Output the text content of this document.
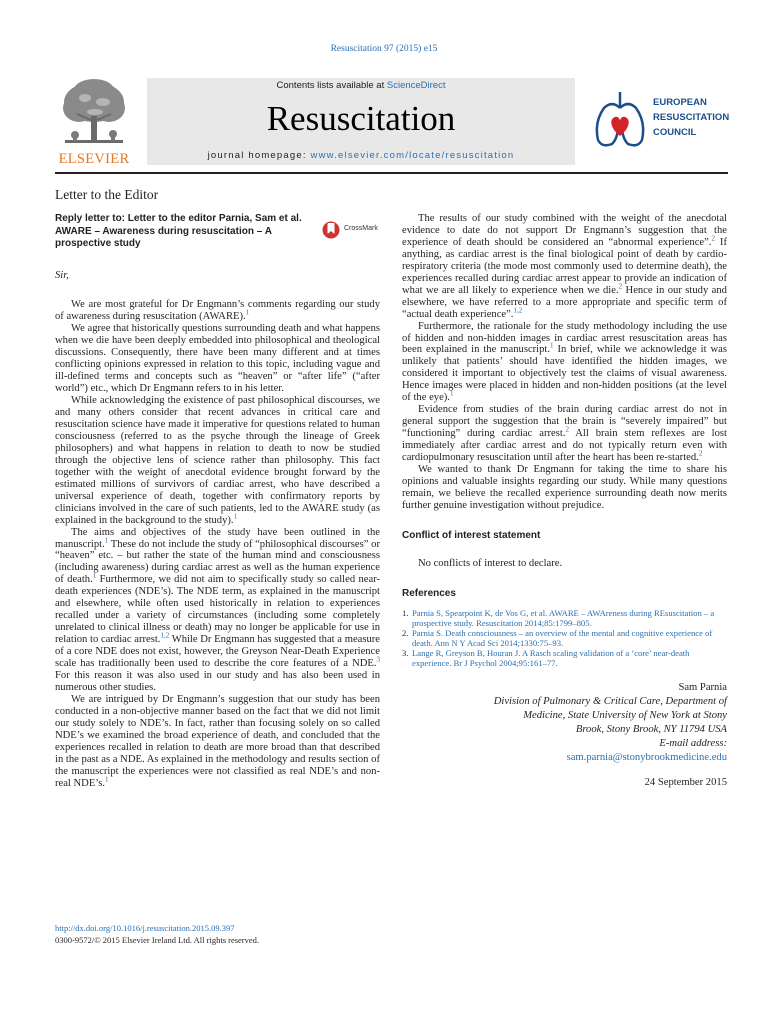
Resuscitation 97 (2015) e15
ELSEVIER
Contents lists available at ScienceDirect
Resuscitation
journal homepage: www.elsevier.com/locate/resuscitation
EUROPEAN
RESUSCITATION
COUNCIL
Letter to the Editor
CrossMark

Reply letter to: Letter to the editor Parnia, Sam et al. AWARE – Awareness during resuscitation – A prospective study

Sir,

We are most grateful for Dr Engmann’s comments regarding our study of awareness during resuscitation (AWARE).$^1$

We agree that historically questions surrounding death and what happens when we die have been deeply embedded into philosophical and theological discussions. Consequently, there have been many different and at times conflicting opinions expressed in relation to this topic, including vague and ill-defined terms and concepts such as “heaven” or “after life” (“after world”) etc., which Dr Engmann refers to in his letter.

While acknowledging the existence of past philosophical discourses, we and many others consider that recent advances in critical care and resuscitation science have made it imperative for questions related to human consciousness (referred to as the psyche through the lineage of Greek philosophers) and what happens in relation to death to now be studied through the objective lens of science rather than philosophy. This fact together with the weight of anecdotal evidence brought forward by the estimated millions of survivors of cardiac arrest, who have described a universal experience of death, together with confirmatory reports by clinicians involved in the care of such patients, led to the AWARE study (as explained in the background to the study).$^1$

The aims and objectives of the study have been outlined in the manuscript.$^1$ These do not include the study of “philosophical discourses” or “heaven” etc. – but rather the state of the human mind and consciousness (including awareness) during cardiac arrest as well as the human experience of death.$^1$ Furthermore, we did not aim to specifically study so called near-death experiences (NDE’s). The NDE term, as explained in the manuscript and elsewhere, while often used historically in relation to experiences recalled under a variety of circumstances (including some completely unrelated to clinical illness or death) may no longer be applicable for use in relation to cardiac arrest.$^{1,2}$ While Dr Engmann has suggested that a measure of a core NDE does not exist, however, the Greyson Near-Death Experience scale has traditionally been used to describe the core features of a NDE.$^3$ For this reason it was also used in our study and has also been used in numerous other studies.

We are intrigued by Dr Engmann’s suggestion that our study has been conducted in a non-objective manner based on the fact that we did not limit our study solely to NDE’s. In fact, rather than focusing solely on so called NDE’s we examined the broad experience of death, and concluded that the experiences recalled in relation to death are more broad than that described in the past as a NDE. As explained in the methodology and results section of the manuscript the experiences were not classified as real NDE’s and non-real NDE’s.$^1$

The results of our study combined with the weight of the anecdotal evidence to date do not support Dr Engmann’s suggestion that the experience of death should be considered an “abnormal experience”.$^2$ If anything, as cardiac arrest is the final biological point of death by cardio-respiratory criteria (the mode most commonly used to determine death), the experiences recalled during cardiac arrest appear to provide an indication of what we are all likely to experience when we die.$^2$ Hence in our study and elsewhere, we have referred to a more appropriate and specific term of “actual death experience”.$^{1,2}$

Furthermore, the rationale for the study methodology including the use of hidden and non-hidden images in cardiac arrest resuscitation areas has been explained in the manuscript.$^1$ In brief, while we acknowledge it was unlikely that patients’ should have identified the hidden images, we considered it important to objectively test the claims of visual awareness. Hence images were placed in hidden and non-hidden positions (at the level of the eye).$^1$

Evidence from studies of the brain during cardiac arrest do not in general support the suggestion that the brain is “severely impaired” but “functioning” during cardiac arrest.$^2$ All brain stem reflexes are lost immediately after cardiac arrest and do not typically return even with cardiopulmonary resuscitation until after the heart has been re-started.$^2$

We wanted to thank Dr Engmann for taking the time to share his opinions and valuable insights regarding our study. While many questions remain, we believe the recalled experience surrounding death now merits further genuine investigation without prejudice.

Conflict of interest statement

No conflicts of interest to declare.

References

1. Parnia S, Spearpoint K, de Vos G, et al. AWARE – AWAreness during REsuscitation – a prospective study. Resuscitation 2014;85:1799–805.
2. Parnia S. Death consciousness – an overview of the mental and cognitive experience of death. Ann N Y Acad Sci 2014;1330:75–93.
3. Lange R, Greyson B, Houran J. A Rasch scaling validation of a ‘core’ near-death experience. Br J Psychol 2004;95:161–77.
Sam Parnia
Division of Pulmonary & Critical Care, Department of
Medicine, State University of New York at Stony
Brook, Stony Brook, NY 11794 USA
E-mail address:
sam.parnia@stonybrookmedicine.edu

24 September 2015

http://dx.doi.org/10.1016/j.resuscitation.2015.09.397
0300-9572/© 2015 Elsevier Ireland Ltd. All rights reserved.
